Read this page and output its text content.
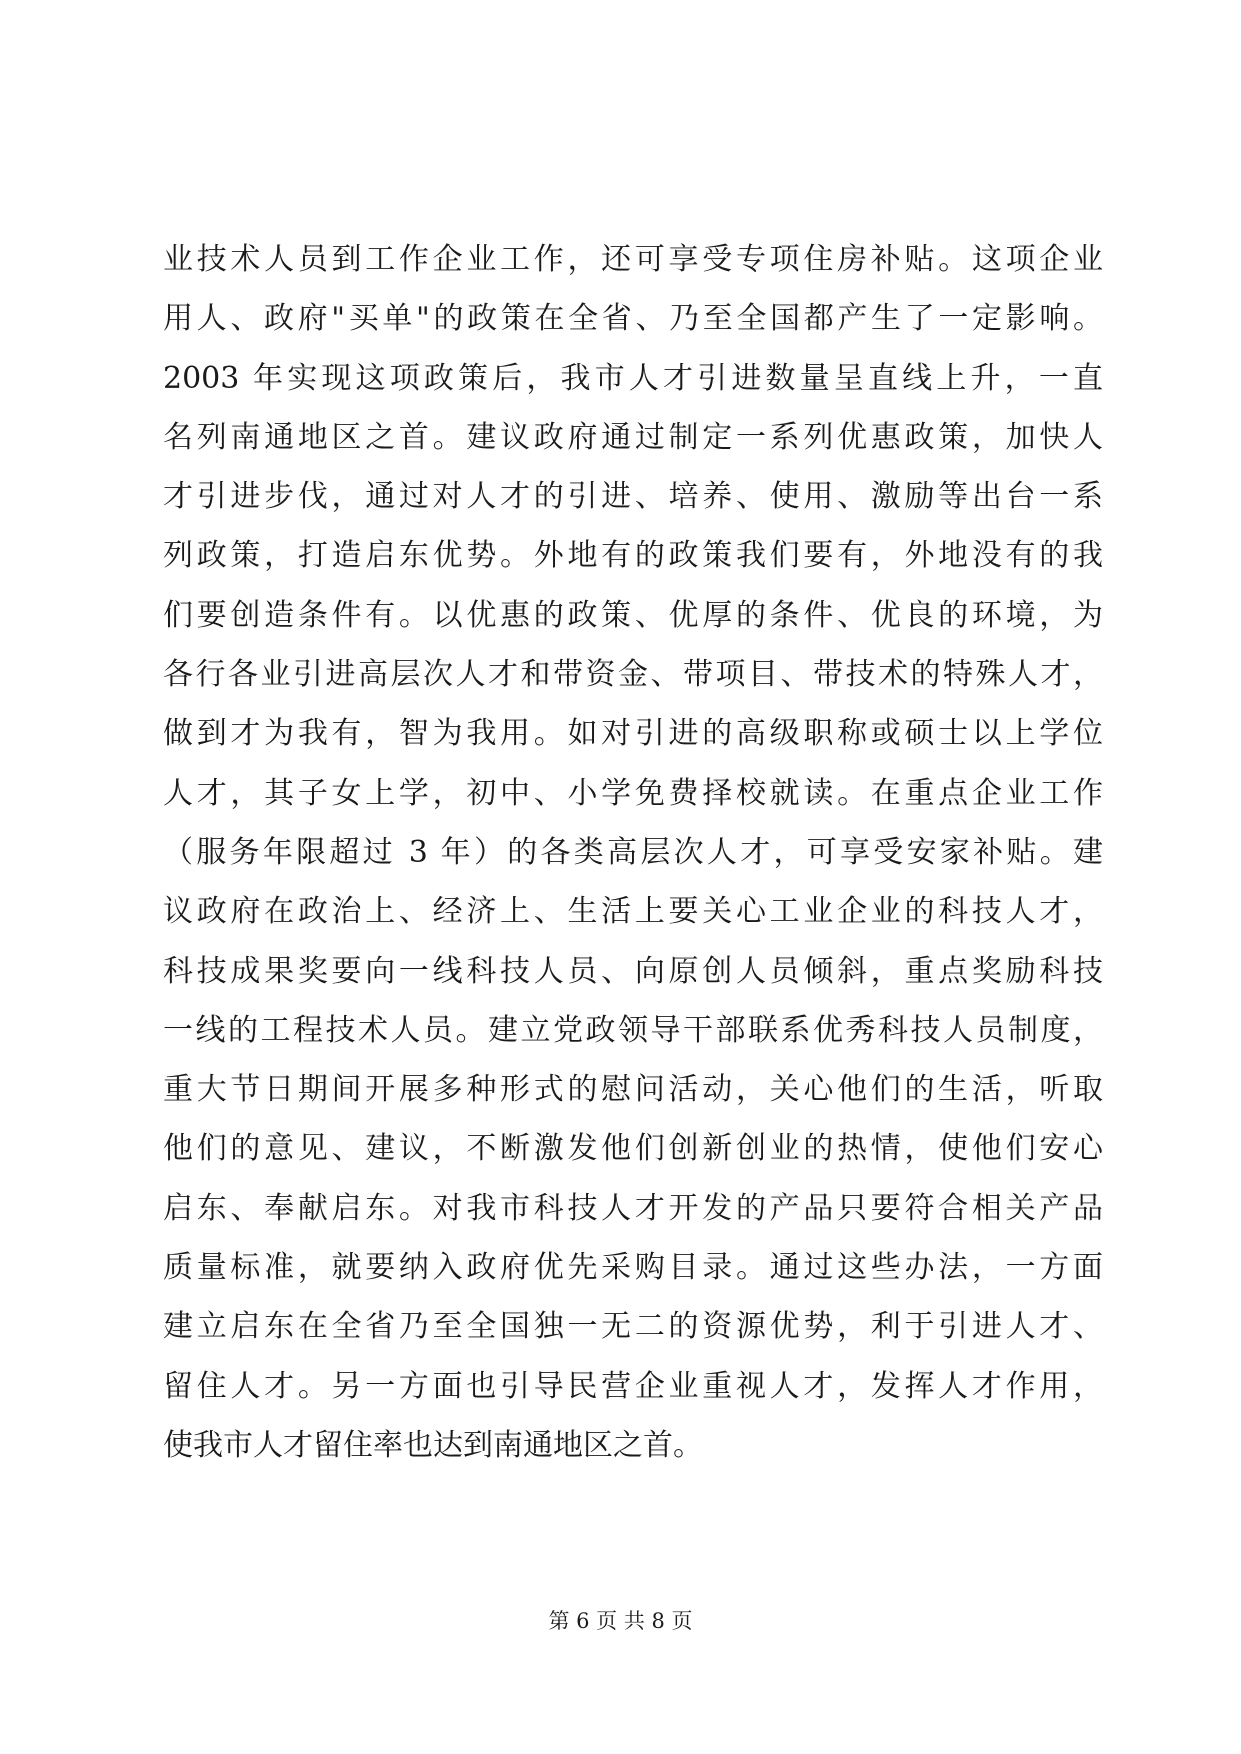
业技术人员到工作企业工作，还可享受专项住房补贴。这项企业
用人、政府"买单"的政策在全省、乃至全国都产生了一定影响。
2003 年实现这项政策后，我市人才引进数量呈直线上升，一直
名列南通地区之首。建议政府通过制定一系列优惠政策，加快人
才引进步伐，通过对人才的引进、培养、使用、激励等出台一系
列政策，打造启东优势。外地有的政策我们要有，外地没有的我
们要创造条件有。以优惠的政策、优厚的条件、优良的环境，为
各行各业引进高层次人才和带资金、带项目、带技术的特殊人才，
做到才为我有，智为我用。如对引进的高级职称或硕士以上学位
人才，其子女上学，初中、小学免费择校就读。在重点企业工作
（服务年限超过 3 年）的各类高层次人才，可享受安家补贴。建
议政府在政治上、经济上、生活上要关心工业企业的科技人才，
科技成果奖要向一线科技人员、向原创人员倾斜，重点奖励科技
一线的工程技术人员。建立党政领导干部联系优秀科技人员制度，
重大节日期间开展多种形式的慰问活动，关心他们的生活，听取
他们的意见、建议，不断激发他们创新创业的热情，使他们安心
启东、奉献启东。对我市科技人才开发的产品只要符合相关产品
质量标准，就要纳入政府优先采购目录。通过这些办法，一方面
建立启东在全省乃至全国独一无二的资源优势，利于引进人才、
留住人才。另一方面也引导民营企业重视人才，发挥人才作用，
使我市人才留住率也达到南通地区之首。
第 6 页 共 8 页
